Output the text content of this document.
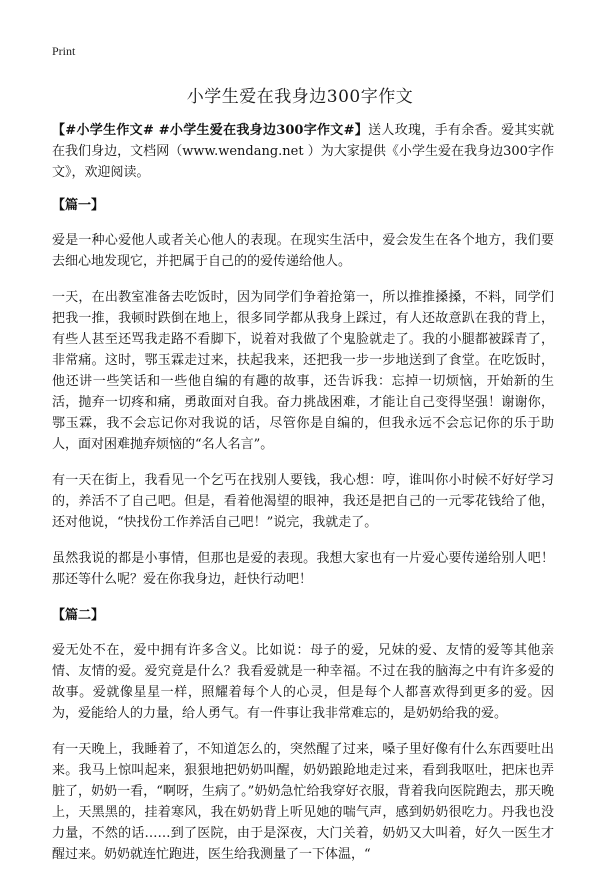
Print
小学生爱在我身边300字作文

【#小学生作文# #小学生爱在我身边300字作文#】送人玫瑰，手有余香。爱其实就在我们身边，文档网（www.wendang.net ）为大家提供《小学生爱在我身边300字作文》，欢迎阅读。

【篇一】

爱是一种心爱他人或者关心他人的表现。在现实生活中，爱会发生在各个地方，我们要去细心地发现它，并把属于自己的的爱传递给他人。

一天，在出教室准备去吃饭时，因为同学们争着抢第一，所以推推搡搡，不料，同学们把我一推，我顿时跌倒在地上，很多同学都从我身上踩过，有人还故意趴在我的背上，有些人甚至还骂我走路不看脚下，说着对我做了个鬼脸就走了。我的小腿都被踩青了，非常痛。这时，鄂玉霖走过来，扶起我来，还把我一步一步地送到了食堂。在吃饭时，他还讲一些笑话和一些他自编的有趣的故事，还告诉我：忘掉一切烦恼，开始新的生活，抛弃一切疼和痛，勇敢面对自我。奋力挑战困难，才能让自己变得坚强！谢谢你，鄂玉霖，我不会忘记你对我说的话，尽管你是自编的，但我永远不会忘记你的乐于助人，面对困难抛弃烦恼的“名人名言”。

有一天在街上，我看见一个乞丐在找别人要钱，我心想：哼，谁叫你小时候不好好学习的，养活不了自己吧。但是，看着他渴望的眼神，我还是把自己的一元零花钱给了他，还对他说，“快找份工作养活自己吧！”说完，我就走了。

虽然我说的都是小事情，但那也是爱的表现。我想大家也有一片爱心要传递给别人吧！那还等什么呢？爱在你我身边，赶快行动吧！

【篇二】

爱无处不在，爱中拥有许多含义。比如说：母子的爱，兄妹的爱、友情的爱等其他亲情、友情的爱。爱究竟是什么？我看爱就是一种幸福。不过在我的脑海之中有许多爱的故事。爱就像星星一样，照耀着每个人的心灵，但是每个人都喜欢得到更多的爱。因为，爱能给人的力量，给人勇气。有一件事让我非常难忘的，是奶奶给我的爱。

有一天晚上，我睡着了，不知道怎么的，突然醒了过来，嗓子里好像有什么东西要吐出来。我马上惊叫起来，狠狠地把奶奶叫醒，奶奶踉跄地走过来，看到我呕吐，把床也弄脏了，奶奶一看，“啊呀，生病了。”奶奶急忙给我穿好衣服，背着我向医院跑去，那天晚上，天黑黑的，挂着寒风，我在奶奶背上听见她的喘气声，感到奶奶很吃力。丹我也没力量，不然的话……到了医院，由于是深夜，大门关着，奶奶又大叫着，好久一医生才醒过来。奶奶就连忙跑进，医生给我测量了一下体温，“
